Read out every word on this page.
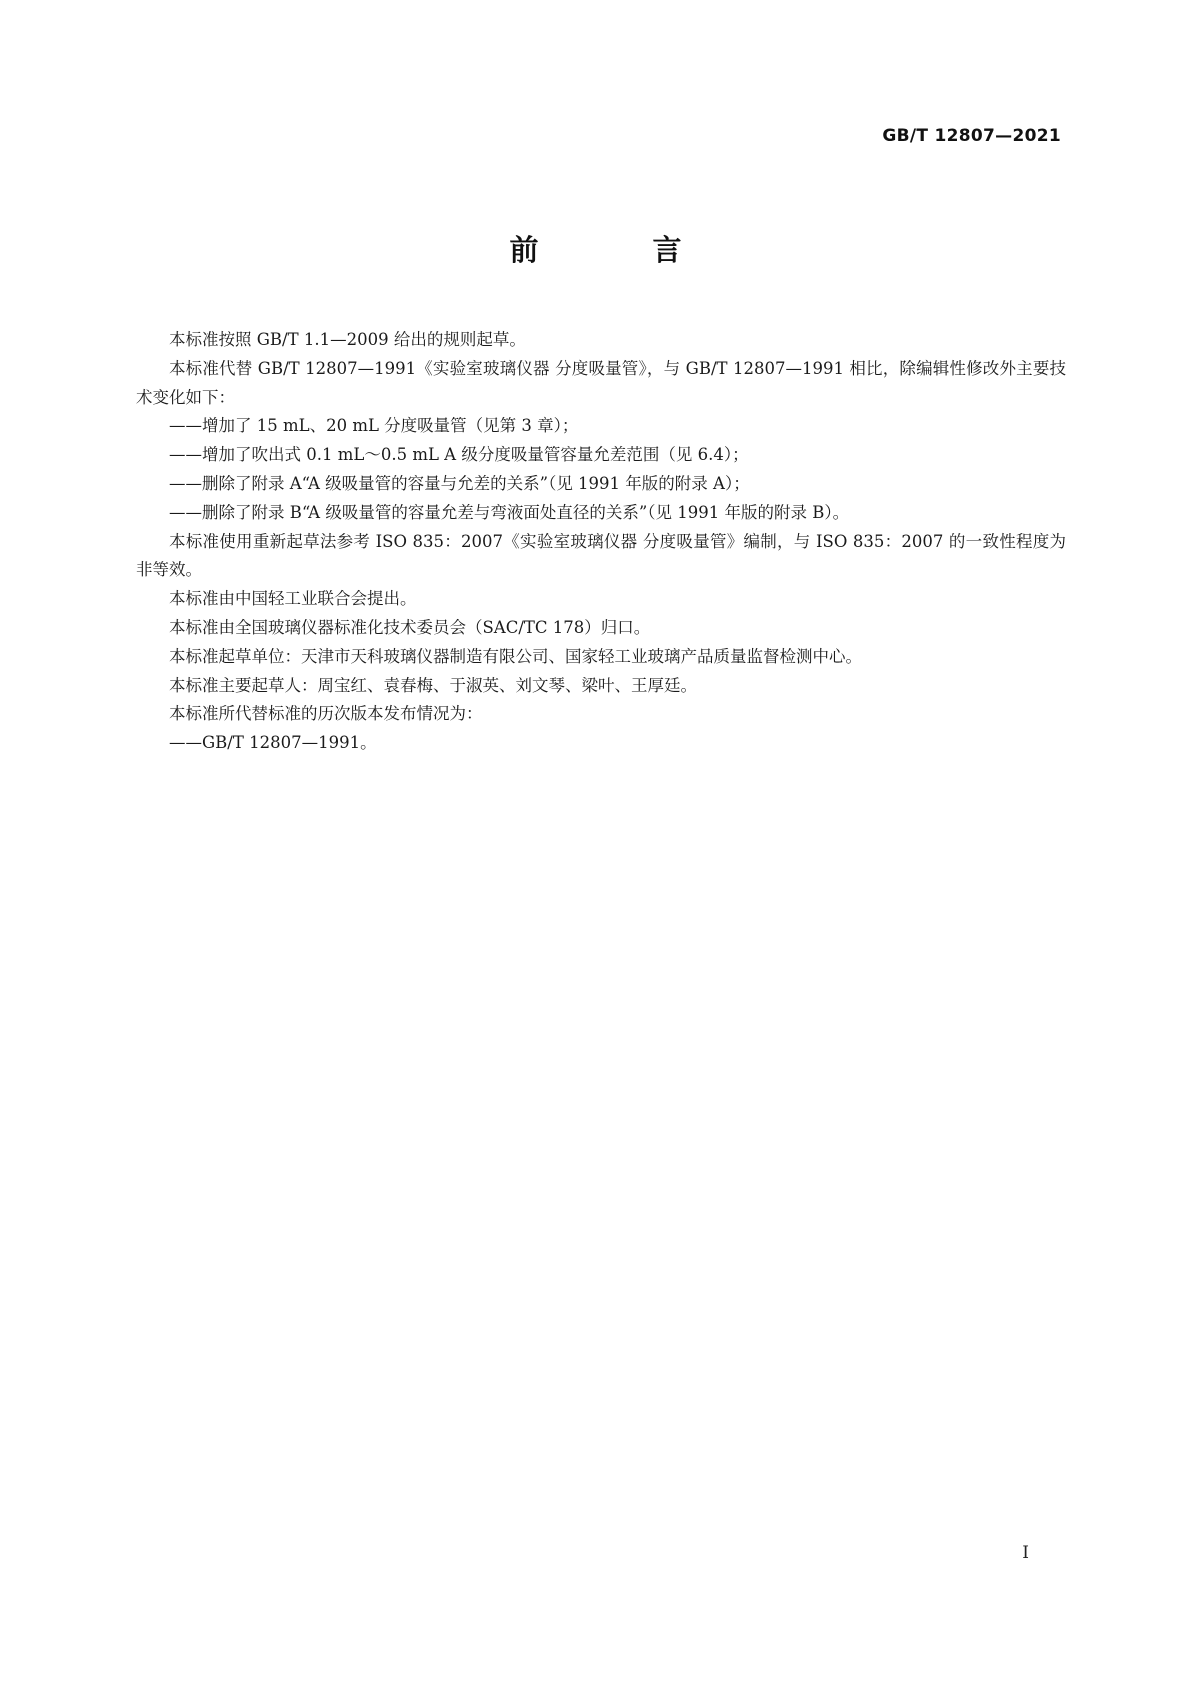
GB/T 12807—2021
前 言

本标准按照 GB/T 1.1—2009 给出的规则起草。

本标准代替 GB/T 12807—1991《实验室玻璃仪器 分度吸量管》，与 GB/T 12807—1991 相比，除编辑性修改外主要技术变化如下：

——增加了 15 mL、20 mL 分度吸量管（见第 3 章）；

——增加了吹出式 0.1 mL～0.5 mL A 级分度吸量管容量允差范围（见 6.4）；

——删除了附录 A“A 级吸量管的容量与允差的关系”（见 1991 年版的附录 A）；

——删除了附录 B“A 级吸量管的容量允差与弯液面处直径的关系”（见 1991 年版的附录 B）。

本标准使用重新起草法参考 ISO 835：2007《实验室玻璃仪器 分度吸量管》编制，与 ISO 835：2007 的一致性程度为非等效。

本标准由中国轻工业联合会提出。

本标准由全国玻璃仪器标准化技术委员会（SAC/TC 178）归口。

本标准起草单位：天津市天科玻璃仪器制造有限公司、国家轻工业玻璃产品质量监督检测中心。

本标准主要起草人：周宝红、袁春梅、于淑英、刘文琴、梁叶、王厚廷。

本标准所代替标准的历次版本发布情况为：

——GB/T 12807—1991。

I
